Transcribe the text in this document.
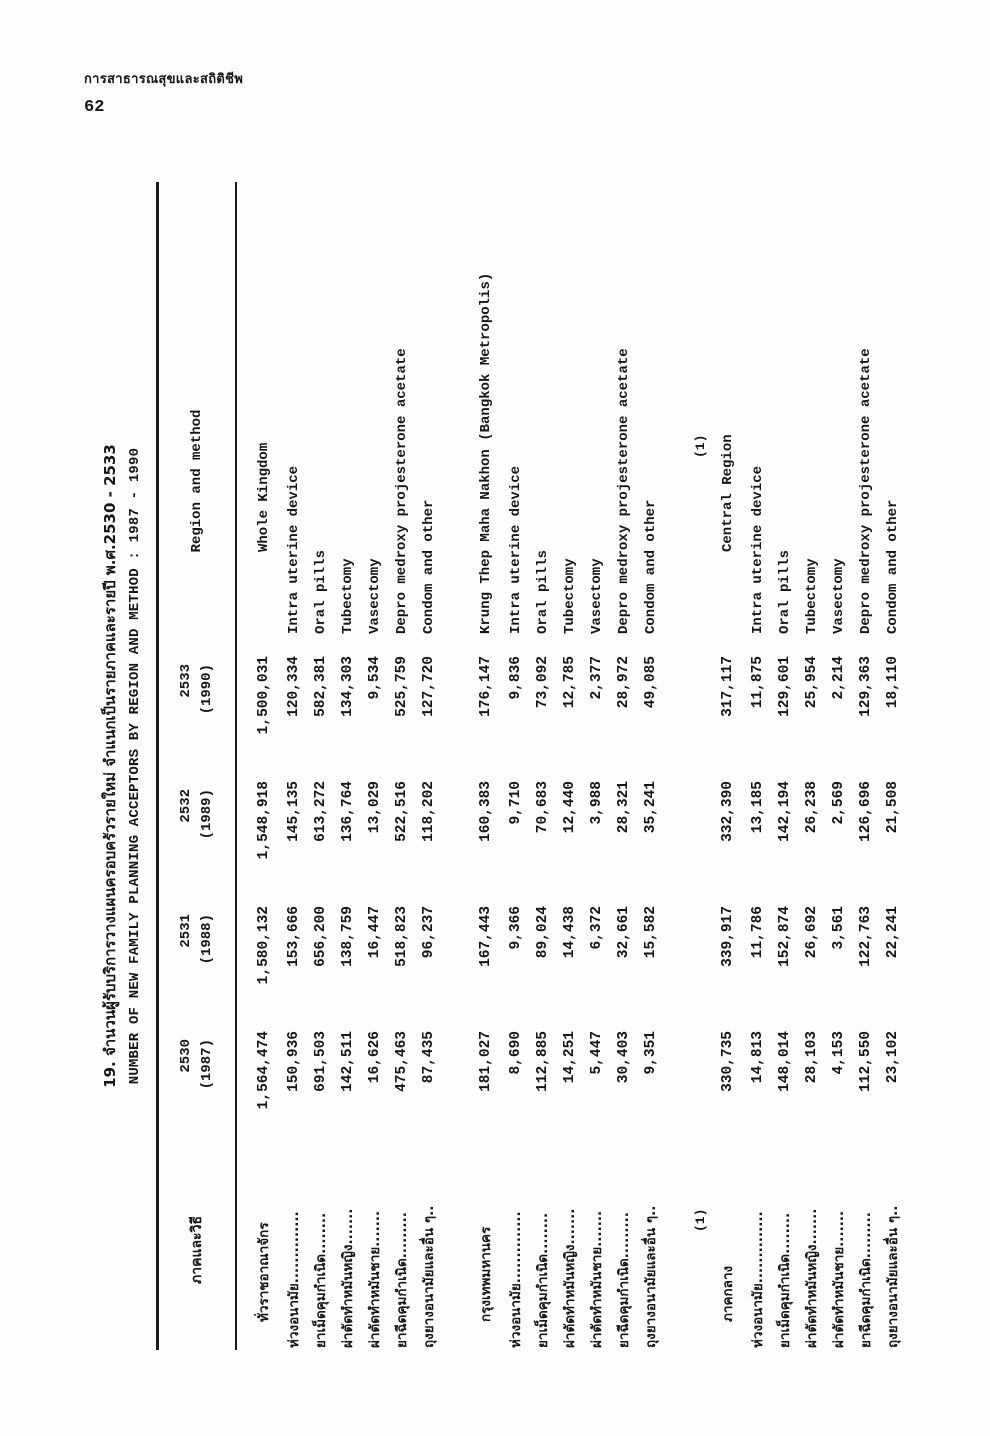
การสาธารณสุขและสถิติชีพ
62
19. จำนวนผู้รับบริการวางแผนครอบครัวรายใหม่ จำแนกเป็นรายภาคและรายปี พ.ศ.2530 - 2533 NUMBER OF NEW FAMILY PLANNING ACCEPTORS BY REGION AND METHOD : 1987 - 1990
ภาคและวิธี
2530 (1987)
2531 (1988)
2532 (1989)
2533 (1990)
Region and method
ทั่วราชอาณาจักร
1,564,474
1,580,132
1,548,918
1,500,031
Whole Kingdom
ห่วงอนามัย..............
150,936
153,666
145,135
120,334
Intra uterine device
ยาเม็ดคุมกำเนิด........
691,503
656,200
613,272
582,381
Oral pills
ผ่าตัดทำหมันหญิง.......
142,511
138,759
136,764
134,303
Tubectomy
ผ่าตัดทำหมันชาย.......
16,626
16,447
13,029
9,534
Vasectomy
ยาฉีดคุมกำเนิด.........
475,463
518,823
522,516
525,759
Depro medroxy projesterone acetate
ถุงยางอนามัยและอื่น ๆ..
87,435
96,237
118,202
127,720
Condom and other
กรุงเทพมหานคร
181,027
167,443
160,383
176,147
Krung Thep Maha Nakhon (Bangkok Metropolis)
ห่วงอนามัย..............
8,690
9,366
9,710
9,836
Intra uterine device
ยาเม็ดคุมกำเนิด........
112,885
89,024
70,683
73,092
Oral pills
ผ่าตัดทำหมันหญิง.......
14,251
14,438
12,440
12,785
Tubectomy
ผ่าตัดทำหมันชาย.......
5,447
6,372
3,988
2,377
Vasectomy
ยาฉีดคุมกำเนิด.........
30,403
32,661
28,321
28,972
Depro medroxy projesterone acetate
ถุงยางอนามัยและอื่น ๆ..
9,351
15,582
35,241
49,085
Condom and other
(1)
(1)
ภาคกลาง
330,735
339,917
332,390
317,117
Central Region
ห่วงอนามัย..............
14,813
11,786
13,185
11,875
Intra uterine device
ยาเม็ดคุมกำเนิด........
148,014
152,874
142,194
129,601
Oral pills
ผ่าตัดทำหมันหญิง.......
28,103
26,692
26,238
25,954
Tubectomy
ผ่าตัดทำหมันชาย.......
4,153
3,561
2,569
2,214
Vasectomy
ยาฉีดคุมกำเนิด.........
112,550
122,763
126,696
129,363
Depro medroxy projesterone acetate
ถุงยางอนามัยและอื่น ๆ..
23,102
22,241
21,508
18,110
Condom and other
